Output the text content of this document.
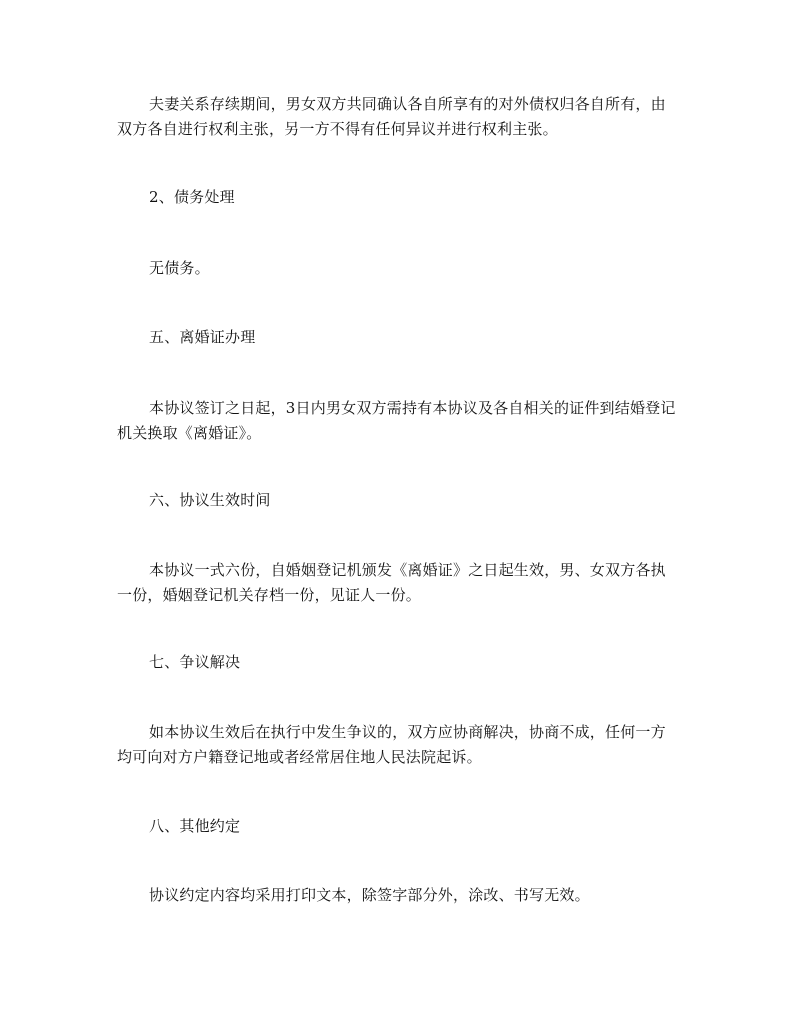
夫妻关系存续期间，男女双方共同确认各自所享有的对外债权归各自所有，由双方各自进行权利主张，另一方不得有任何异议并进行权利主张。

2、债务处理

无债务。

五、离婚证办理

本协议签订之日起，3日内男女双方需持有本协议及各自相关的证件到结婚登记机关换取《离婚证》。

六、协议生效时间

本协议一式六份，自婚姻登记机颁发《离婚证》之日起生效，男、女双方各执一份，婚姻登记机关存档一份，见证人一份。

七、争议解决

如本协议生效后在执行中发生争议的，双方应协商解决，协商不成，任何一方均可向对方户籍登记地或者经常居住地人民法院起诉。

八、其他约定

协议约定内容均采用打印文本，除签字部分外，涂改、书写无效。
